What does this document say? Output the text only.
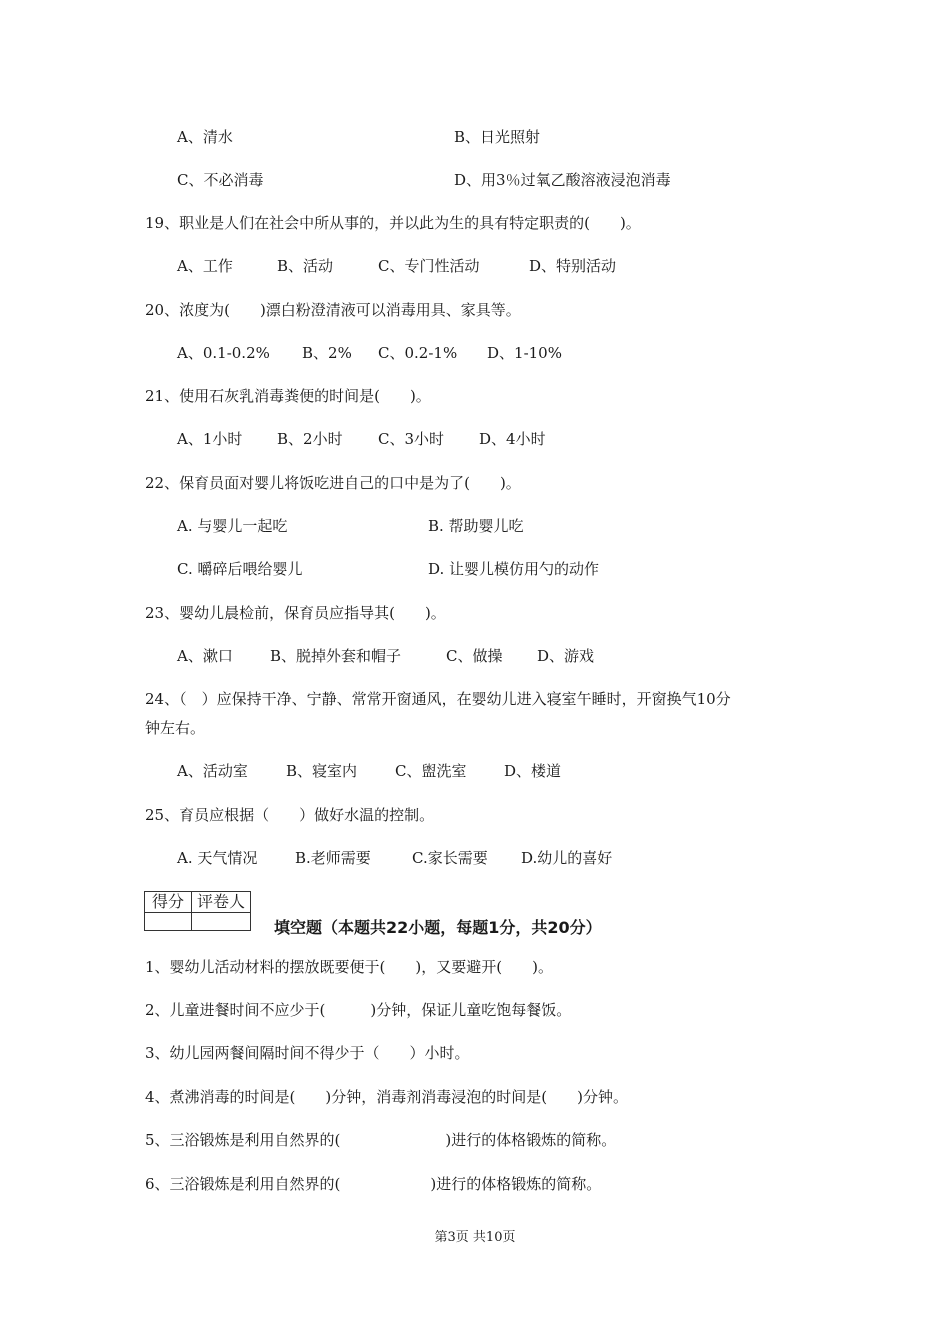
A、清水	B、日光照射
C、不必消毒	D、用3％过氧乙酸溶液浸泡消毒
19、职业是人们在社会中所从事的，并以此为生的具有特定职责的(　　)。
A、工作	B、活动	C、专门性活动	D、特别活动
20、浓度为(　　)漂白粉澄清液可以消毒用具、家具等。
A、0.1-0.2% B、2% C、0.2-1% D、1-10%
21、使用石灰乳消毒粪便的时间是(　　)。
A、1小时 B、2小时 C、3小时 D、4小时
22、保育员面对婴儿将饭吃进自己的口中是为了(　　)。
A. 与婴儿一起吃	B. 帮助婴儿吃
C. 嚼碎后喂给婴儿	D. 让婴儿模仿用勺的动作
23、婴幼儿晨检前，保育员应指导其(　　)。
A、漱口 B、脱掉外套和帽子	C、做操 D、游戏
24、（　）应保持干净、宁静、常常开窗通风，在婴幼儿进入寝室午睡时，开窗换气10分
钟左右。
A、活动室	B、寝室内	C、盥洗室	D、楼道
25、育员应根据（　　）做好水温的控制。
A. 天气情况	B.老师需要	C.家长需要 D.幼儿的喜好
得分	评卷人

填空题（本题共22小题，每题1分，共20分）
1、婴幼儿活动材料的摆放既要便于(　　)，又要避开(　　)。
2、儿童进餐时间不应少于(　　　)分钟，保证儿童吃饱每餐饭。
3、幼儿园两餐间隔时间不得少于（　　）小时。
4、煮沸消毒的时间是(　　)分钟，消毒剂消毒浸泡的时间是(　　)分钟。
5、三浴锻炼是利用自然界的(　　　　　　　)进行的体格锻炼的简称。
6、三浴锻炼是利用自然界的(　　　　　　)进行的体格锻炼的简称。
第3页 共10页
